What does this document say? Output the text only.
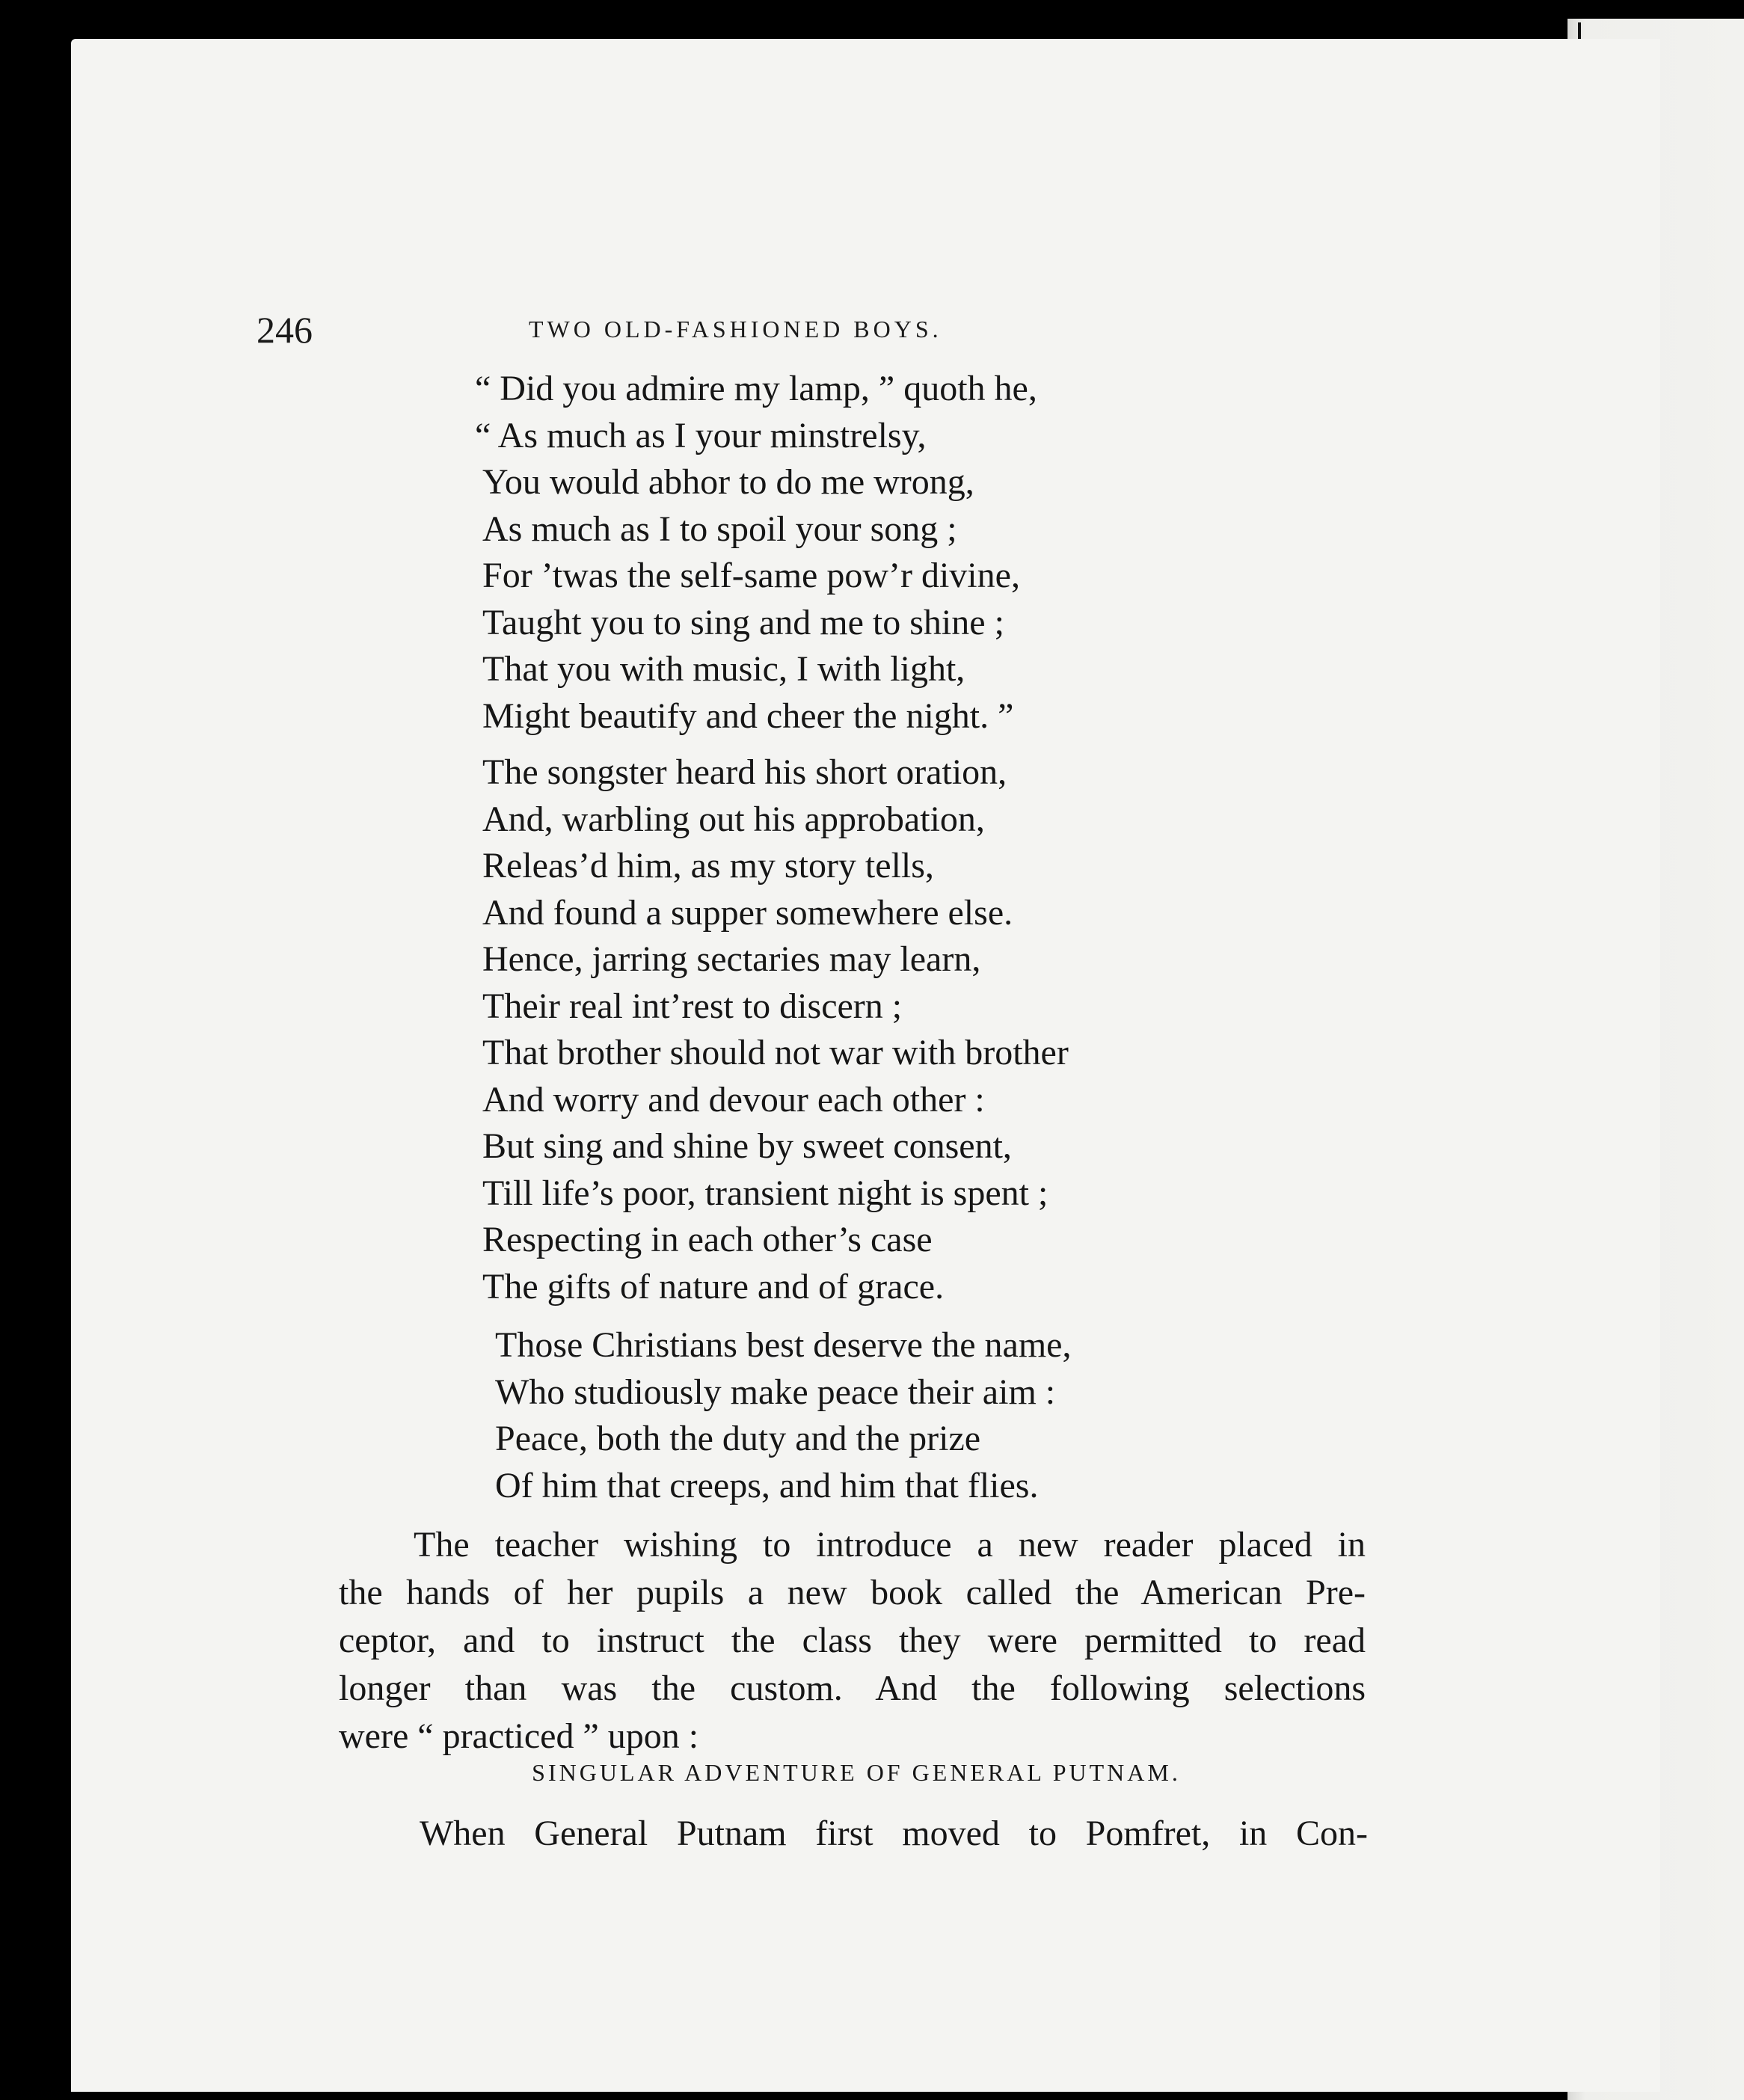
246	TWO OLD-FASHIONED BOYS.
“ Did you admire my lamp, ” quoth he,
“ As much as I your minstrelsy,
You would abhor to do me wrong,
As much as I to spoil your song ;
For ’twas the self-same pow’r divine,
Taught you to sing and me to shine ;
That you with music, I with light,
Might beautify and cheer the night. ”
The songster heard his short oration,
And, warbling out his approbation,
Releas’d him, as my story tells,
And found a supper somewhere else.
Hence, jarring sectaries may learn,
Their real int’rest to discern ;
That brother should not war with brother
And worry and devour each other :
But sing and shine by sweet consent,
Till life’s poor, transient night is spent ;
Respecting in each other’s case
The gifts of nature and of grace.
Those Christians best deserve the name,
Who studiously make peace their aim :
Peace, both the duty and the prize
Of him that creeps, and him that flies.
The teacher wishing to introduce a new reader placed in
the hands of her pupils a new book called the American Pre-
ceptor, and to instruct the class they were permitted to read
longer than was the custom. And the following selections
were “ practiced ” upon :
SINGULAR ADVENTURE OF GENERAL PUTNAM.
When General Putnam first moved to Pomfret, in Con-
